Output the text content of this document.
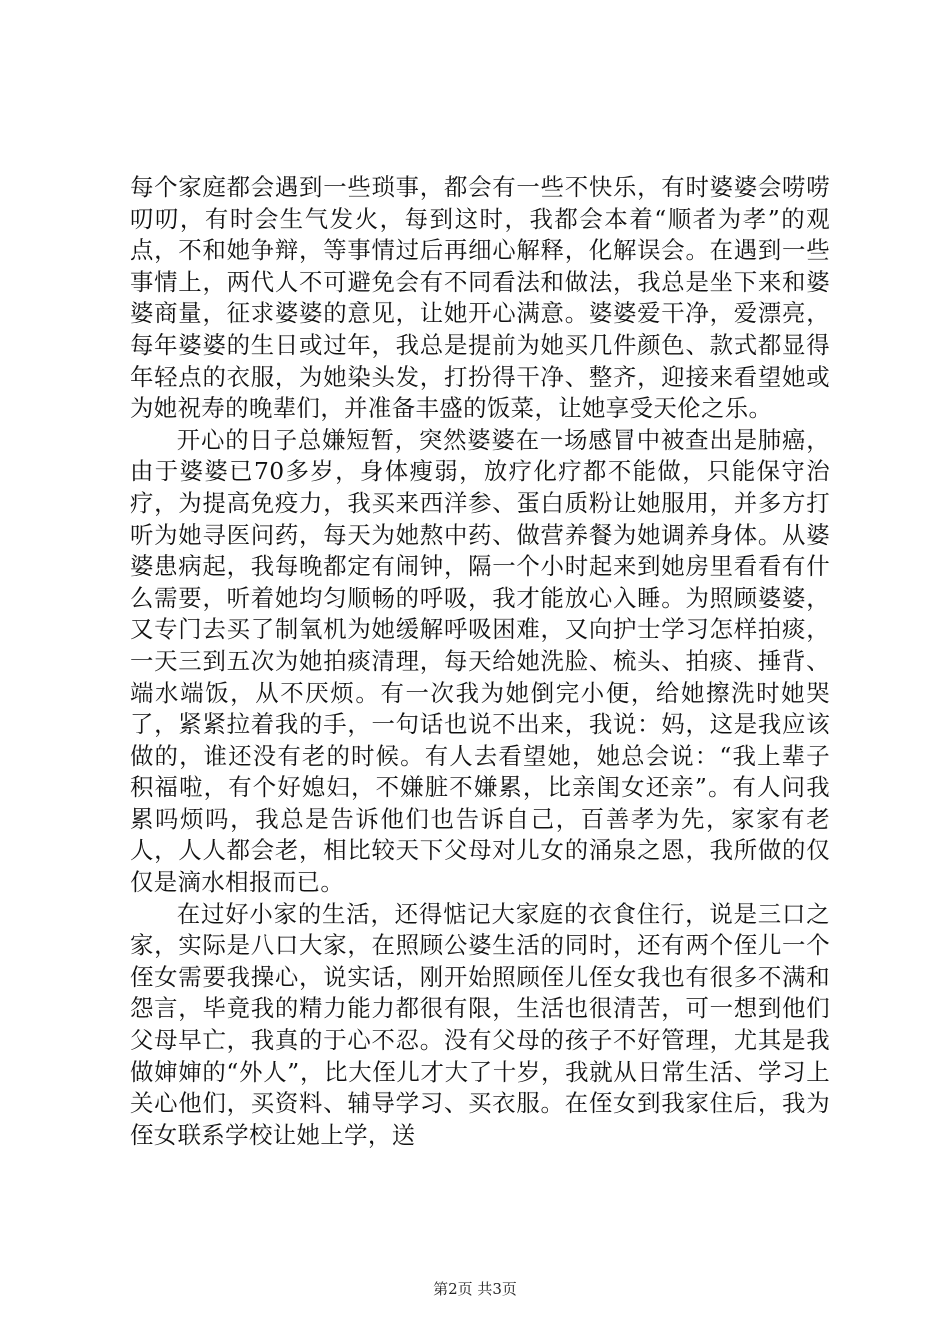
每个家庭都会遇到一些琐事，都会有一些不快乐，有时婆婆会唠唠叨叨，有时会生气发火，每到这时，我都会本着“顺者为孝”的观点，不和她争辩，等事情过后再细心解释，化解误会。在遇到一些事情上，两代人不可避免会有不同看法和做法，我总是坐下来和婆婆商量，征求婆婆的意见，让她开心满意。婆婆爱干净，爱漂亮，每年婆婆的生日或过年，我总是提前为她买几件颜色、款式都显得年轻点的衣服，为她染头发，打扮得干净、整齐，迎接来看望她或为她祝寿的晚辈们，并准备丰盛的饭菜，让她享受天伦之乐。

开心的日子总嫌短暂，突然婆婆在一场感冒中被查出是肺癌，由于婆婆已70多岁，身体瘦弱，放疗化疗都不能做，只能保守治疗，为提高免疫力，我买来西洋参、蛋白质粉让她服用，并多方打听为她寻医问药，每天为她熬中药、做营养餐为她调养身体。从婆婆患病起，我每晚都定有闹钟，隔一个小时起来到她房里看看有什么需要，听着她均匀顺畅的呼吸，我才能放心入睡。为照顾婆婆，又专门去买了制氧机为她缓解呼吸困难，又向护士学习怎样拍痰，一天三到五次为她拍痰清理，每天给她洗脸、梳头、拍痰、捶背、端水端饭，从不厌烦。有一次我为她倒完小便，给她擦洗时她哭了，紧紧拉着我的手，一句话也说不出来，我说：妈，这是我应该做的，谁还没有老的时候。有人去看望她，她总会说：“我上辈子积福啦，有个好媳妇，不嫌脏不嫌累，比亲闺女还亲”。有人问我累吗烦吗，我总是告诉他们也告诉自己，百善孝为先，家家有老人，人人都会老，相比较天下父母对儿女的涌泉之恩，我所做的仅仅是滴水相报而已。

在过好小家的生活，还得惦记大家庭的衣食住行，说是三口之家，实际是八口大家，在照顾公婆生活的同时，还有两个侄儿一个侄女需要我操心，说实话，刚开始照顾侄儿侄女我也有很多不满和怨言，毕竟我的精力能力都很有限，生活也很清苦，可一想到他们父母早亡，我真的于心不忍。没有父母的孩子不好管理，尤其是我做婶婶的“外人”，比大侄儿才大了十岁，我就从日常生活、学习上关心他们，买资料、辅导学习、买衣服。在侄女到我家住后，我为侄女联系学校让她上学，送

第2页 共3页
